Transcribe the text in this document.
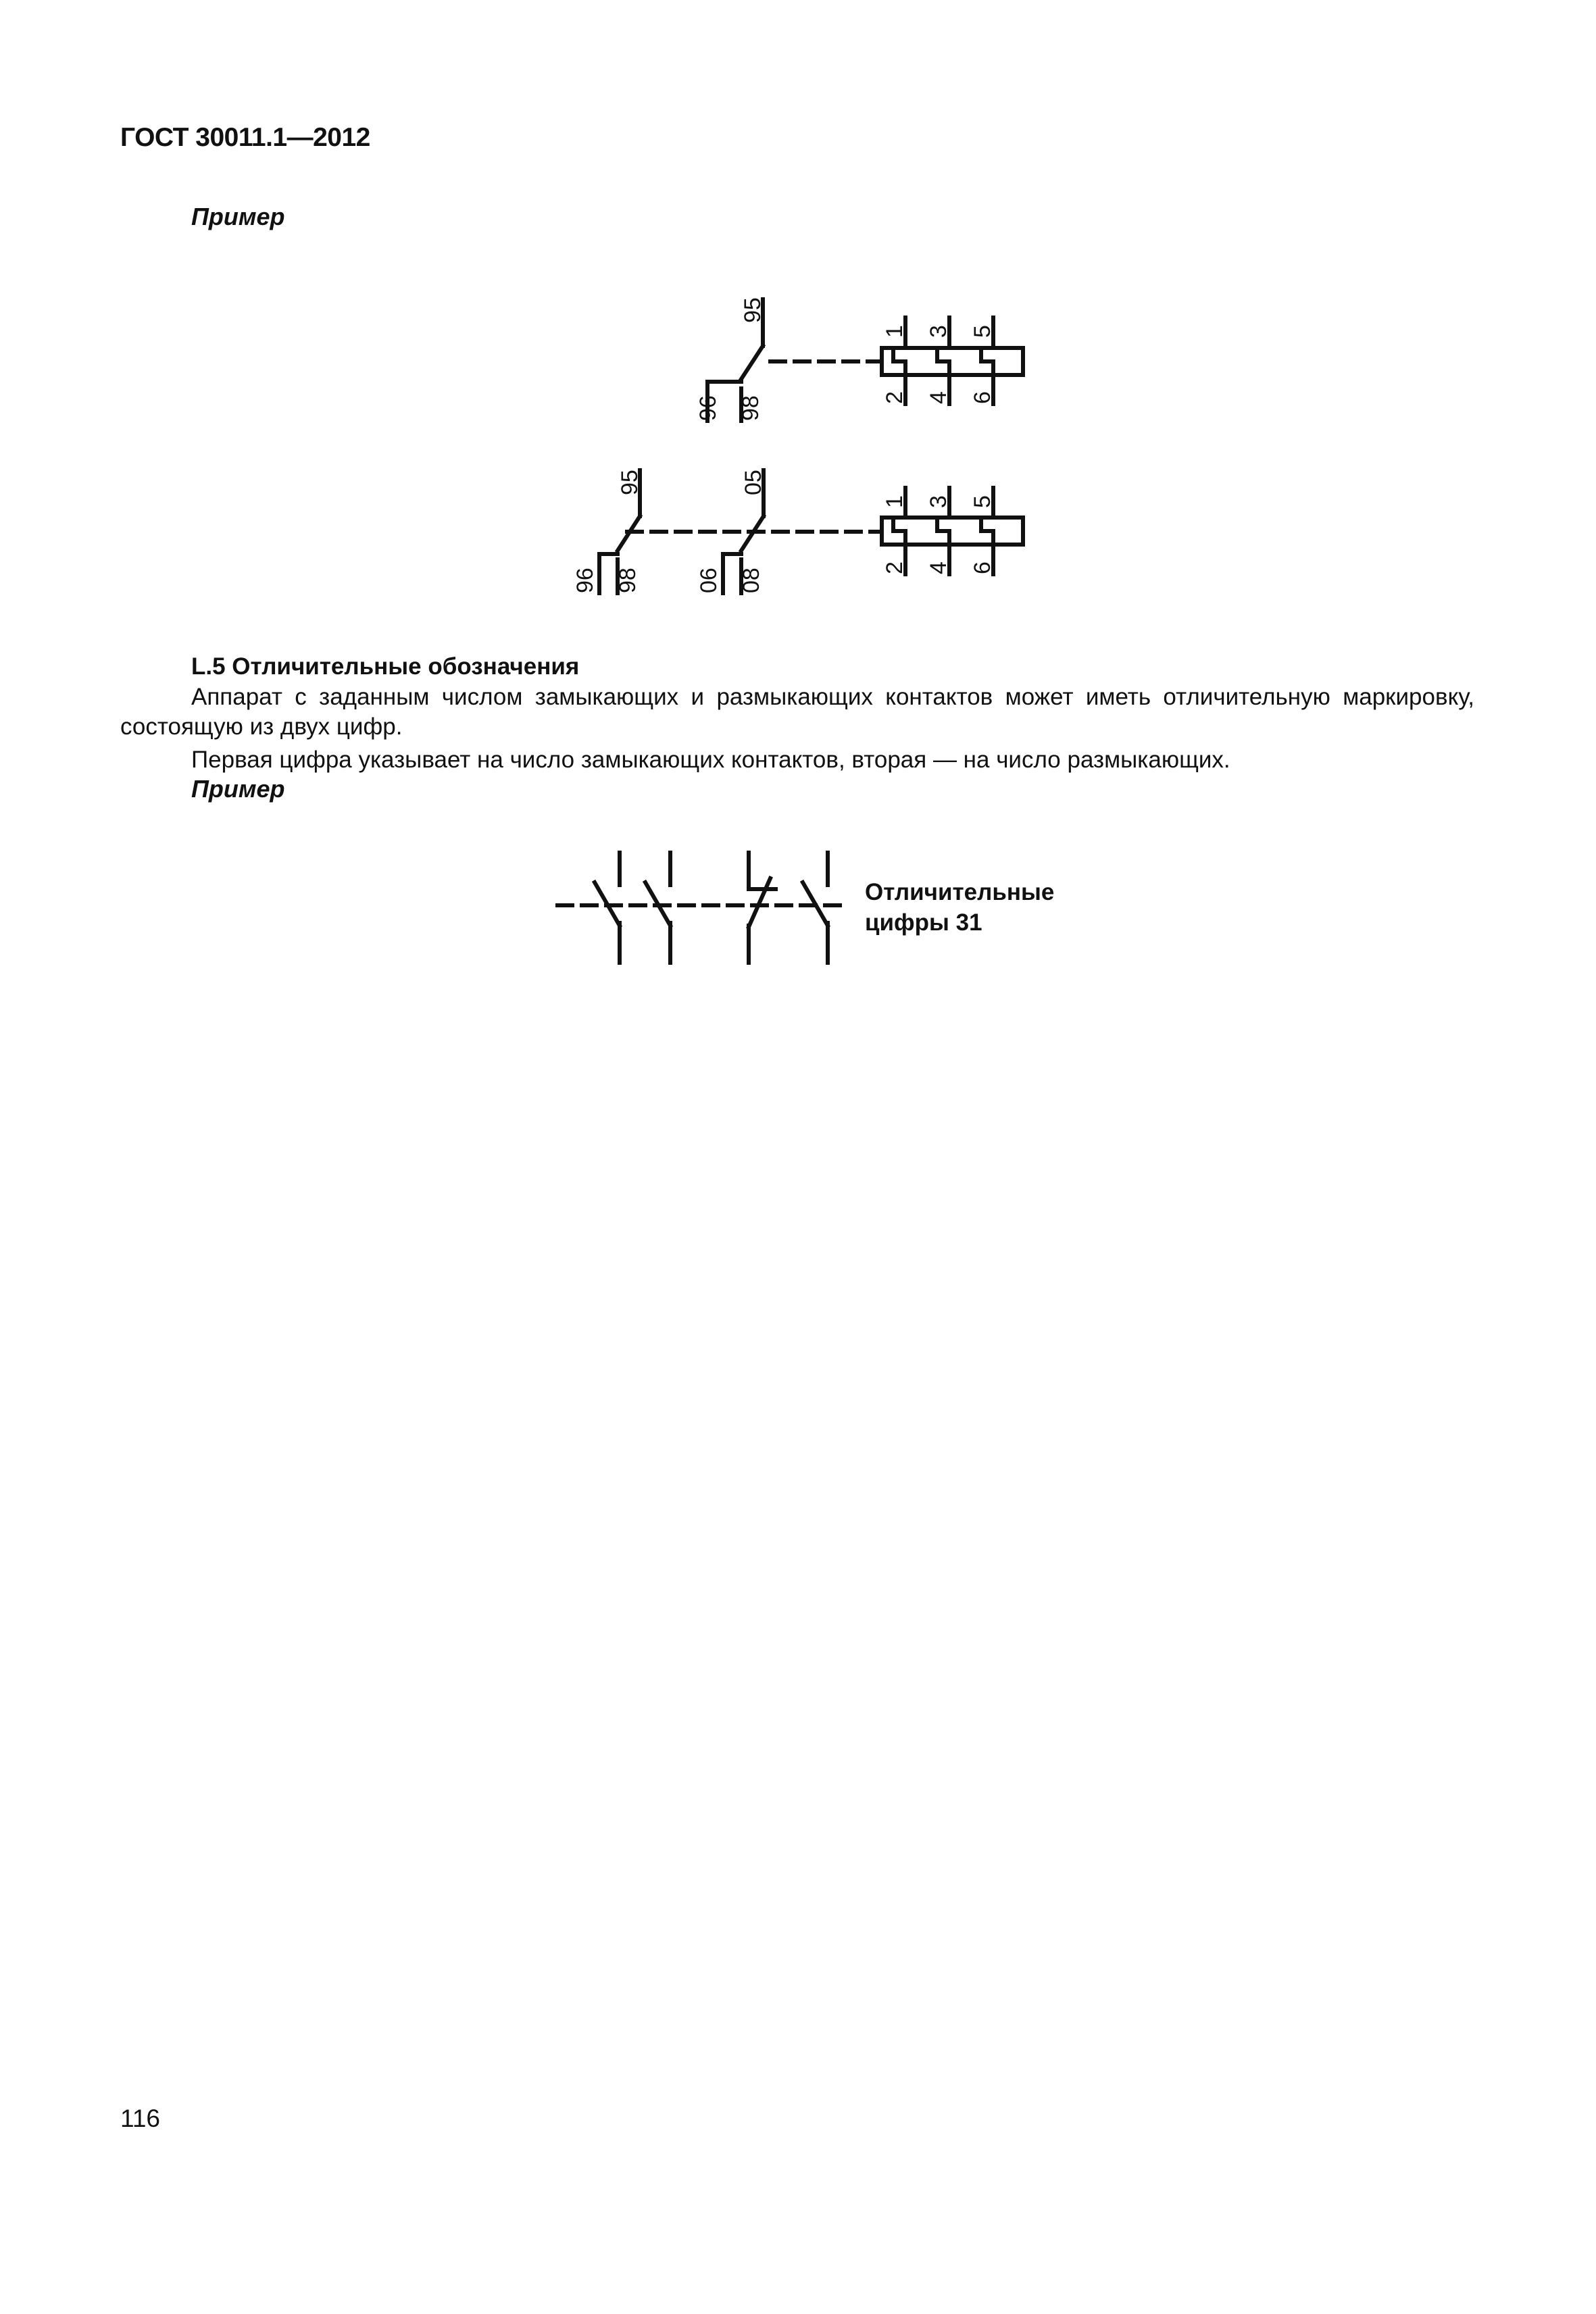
ГОСТ 30011.1—2012
Пример
95
96 98
1 3 5
2 4 6
95
96 98
05
06 08
1 3 5
2 4 6
L.5 Отличительные обозначения
Аппарат с заданным числом замыкающих и размыкающих контактов может иметь отличительную маркировку, состоящую из двух цифр.
Первая цифра указывает на число замыкающих контактов, вторая — на число размыкающих.
Пример
Отличительные
цифры 31
116
